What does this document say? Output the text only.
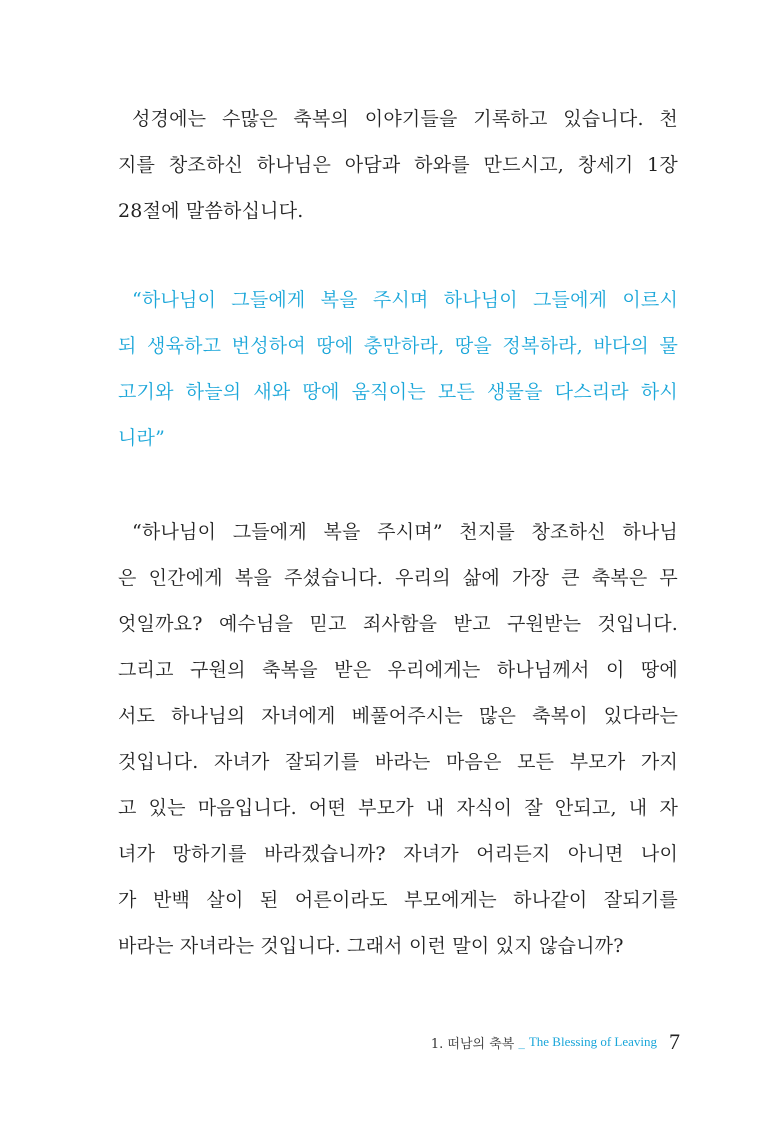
성경에는 수많은 축복의 이야기들을 기록하고 있습니다. 천
지를 창조하신 하나님은 아담과 하와를 만드시고, 창세기 1장
28절에 말씀하십니다.
“하나님이 그들에게 복을 주시며 하나님이 그들에게 이르시
되 생육하고 번성하여 땅에 충만하라, 땅을 정복하라, 바다의 물
고기와 하늘의 새와 땅에 움직이는 모든 생물을 다스리라 하시
니라”
“하나님이 그들에게 복을 주시며” 천지를 창조하신 하나님
은 인간에게 복을 주셨습니다. 우리의 삶에 가장 큰 축복은 무
엇일까요? 예수님을 믿고 죄사함을 받고 구원받는 것입니다.
그리고 구원의 축복을 받은 우리에게는 하나님께서 이 땅에
서도 하나님의 자녀에게 베풀어주시는 많은 축복이 있다라는
것입니다. 자녀가 잘되기를 바라는 마음은 모든 부모가 가지
고 있는 마음입니다. 어떤 부모가 내 자식이 잘 안되고, 내 자
녀가 망하기를 바라겠습니까? 자녀가 어리든지 아니면 나이
가 반백 살이 된 어른이라도 부모에게는 하나같이 잘되기를
바라는 자녀라는 것입니다. 그래서 이런 말이 있지 않습니까?
1. 떠남의 축복 _ The Blessing of Leaving 7
